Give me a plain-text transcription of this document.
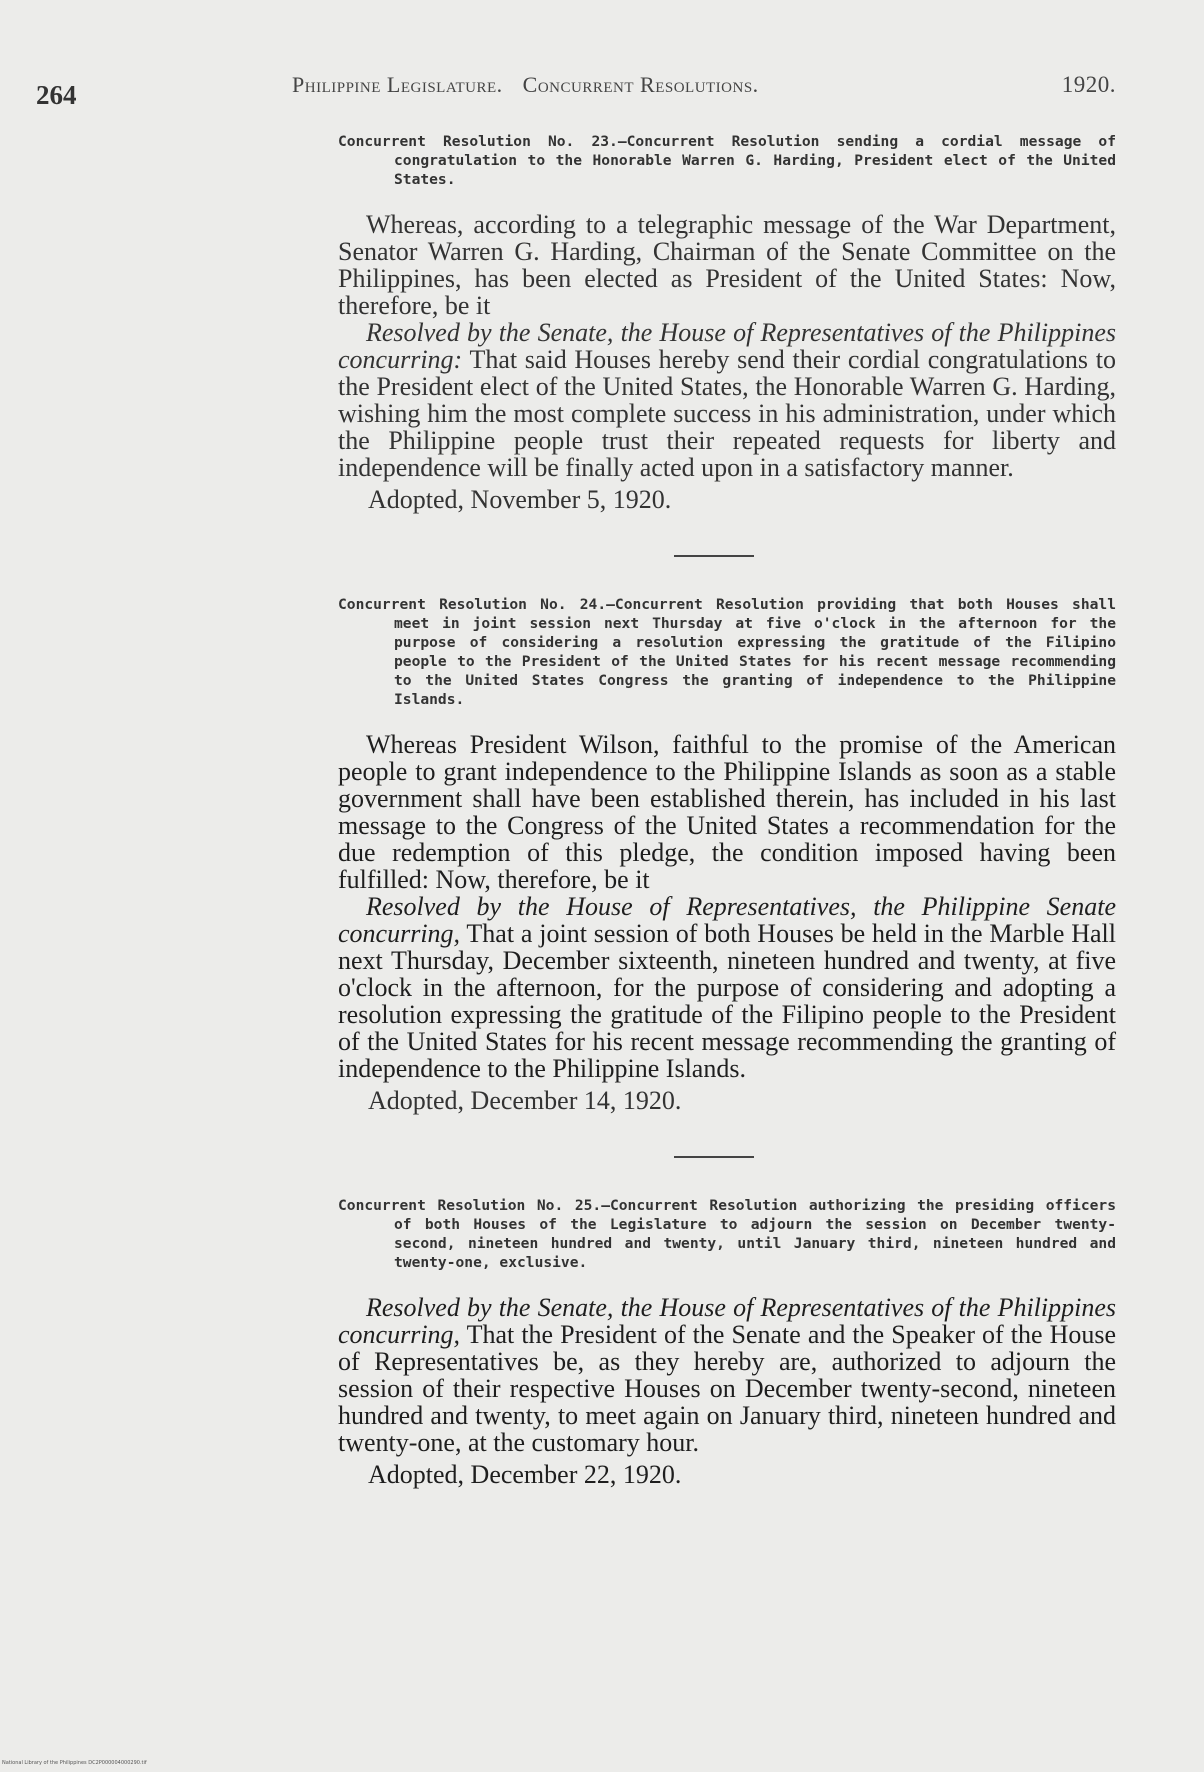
264	Philippine Legislature. Concurrent Resolutions.	1920.

Concurrent Resolution No. 23.—Concurrent Resolution sending a cordial message of congratulation to the Honorable Warren G. Harding, President elect of the United States.

Whereas, according to a telegraphic message of the War Department, Senator Warren G. Harding, Chairman of the Senate Committee on the Philippines, has been elected as President of the United States: Now, therefore, be it

Resolved by the Senate, the House of Representatives of the Philippines concurring: That said Houses hereby send their cordial congratulations to the President elect of the United States, the Honorable Warren G. Harding, wishing him the most complete success in his administration, under which the Philippine people trust their repeated requests for liberty and independence will be finally acted upon in a satisfactory manner.

Adopted, November 5, 1920.

Concurrent Resolution No. 24.—Concurrent Resolution providing that both Houses shall meet in joint session next Thursday at five o'clock in the afternoon for the purpose of considering a resolution expressing the gratitude of the Filipino people to the President of the United States for his recent message recommending to the United States Congress the granting of independence to the Philippine Islands.

Whereas President Wilson, faithful to the promise of the American people to grant independence to the Philippine Islands as soon as a stable government shall have been established therein, has included in his last message to the Congress of the United States a recommendation for the due redemption of this pledge, the condition imposed having been fulfilled: Now, therefore, be it

Resolved by the House of Representatives, the Philippine Senate concurring, That a joint session of both Houses be held in the Marble Hall next Thursday, December sixteenth, nineteen hundred and twenty, at five o'clock in the afternoon, for the purpose of considering and adopting a resolution expressing the gratitude of the Filipino people to the President of the United States for his recent message recommending the granting of independence to the Philippine Islands.

Adopted, December 14, 1920.

Concurrent Resolution No. 25.—Concurrent Resolution authorizing the presiding officers of both Houses of the Legislature to adjourn the session on December twenty-second, nineteen hundred and twenty, until January third, nineteen hundred and twenty-one, exclusive.

Resolved by the Senate, the House of Representatives of the Philippines concurring, That the President of the Senate and the Speaker of the House of Representatives be, as they hereby are, authorized to adjourn the session of their respective Houses on December twenty-second, nineteen hundred and twenty, to meet again on January third, nineteen hundred and twenty-one, at the customary hour.

Adopted, December 22, 1920.

National Library of the Philippines DC2P000004000290.tif
